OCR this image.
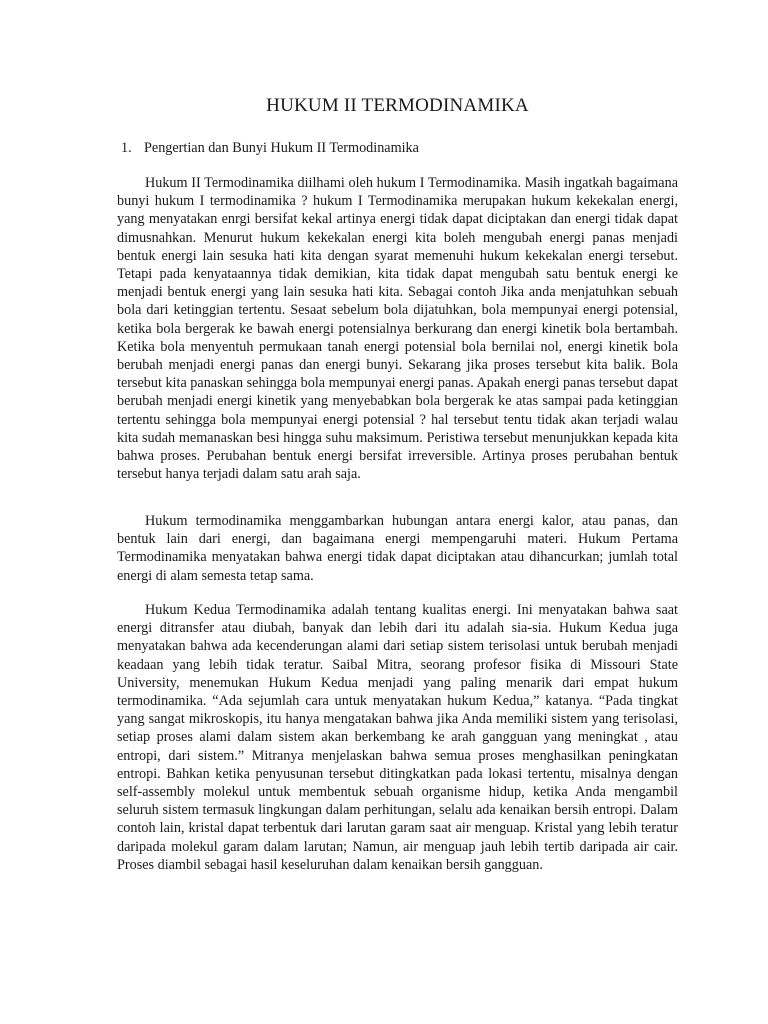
HUKUM II TERMODINAMIKA
1. Pengertian dan Bunyi Hukum II Termodinamika

Hukum II Termodinamika diilhami oleh hukum I Termodinamika. Masih ingatkah bagaimana bunyi hukum I termodinamika ? hukum I Termodinamika merupakan hukum kekekalan energi, yang menyatakan enrgi bersifat kekal artinya energi tidak dapat diciptakan dan energi tidak dapat dimusnahkan. Menurut hukum kekekalan energi kita boleh mengubah energi panas menjadi bentuk energi lain sesuka hati kita dengan syarat memenuhi hukum kekekalan energi tersebut. Tetapi pada kenyataannya tidak demikian, kita tidak dapat mengubah satu bentuk energi ke menjadi bentuk energi yang lain sesuka hati kita. Sebagai contoh Jika anda menjatuhkan sebuah bola dari ketinggian tertentu. Sesaat sebelum bola dijatuhkan, bola mempunyai energi potensial, ketika bola bergerak ke bawah energi potensialnya berkurang dan energi kinetik bola bertambah. Ketika bola menyentuh permukaan tanah energi potensial bola bernilai nol, energi kinetik bola berubah menjadi energi panas dan energi bunyi. Sekarang jika proses tersebut kita balik. Bola tersebut kita panaskan sehingga bola mempunyai energi panas. Apakah energi panas tersebut dapat berubah menjadi energi kinetik yang menyebabkan bola bergerak ke atas sampai pada ketinggian tertentu sehingga bola mempunyai energi potensial ? hal tersebut tentu tidak akan terjadi walau kita sudah memanaskan besi hingga suhu maksimum. Peristiwa tersebut menunjukkan kepada kita bahwa proses. Perubahan bentuk energi bersifat irreversible. Artinya proses perubahan bentuk tersebut hanya terjadi dalam satu arah saja.

Hukum termodinamika menggambarkan hubungan antara energi kalor, atau panas, dan bentuk lain dari energi, dan bagaimana energi mempengaruhi materi. Hukum Pertama Termodinamika menyatakan bahwa energi tidak dapat diciptakan atau dihancurkan; jumlah total energi di alam semesta tetap sama.

Hukum Kedua Termodinamika adalah tentang kualitas energi. Ini menyatakan bahwa saat energi ditransfer atau diubah, banyak dan lebih dari itu adalah sia-sia. Hukum Kedua juga menyatakan bahwa ada kecenderungan alami dari setiap sistem terisolasi untuk berubah menjadi keadaan yang lebih tidak teratur. Saibal Mitra, seorang profesor fisika di Missouri State University, menemukan Hukum Kedua menjadi yang paling menarik dari empat hukum termodinamika. “Ada sejumlah cara untuk menyatakan hukum Kedua,” katanya. “Pada tingkat yang sangat mikroskopis, itu hanya mengatakan bahwa jika Anda memiliki sistem yang terisolasi, setiap proses alami dalam sistem akan berkembang ke arah gangguan yang meningkat , atau entropi, dari sistem.” Mitranya menjelaskan bahwa semua proses menghasilkan peningkatan entropi. Bahkan ketika penyusunan tersebut ditingkatkan pada lokasi tertentu, misalnya dengan self-assembly molekul untuk membentuk sebuah organisme hidup, ketika Anda mengambil seluruh sistem termasuk lingkungan dalam perhitungan, selalu ada kenaikan bersih entropi. Dalam contoh lain, kristal dapat terbentuk dari larutan garam saat air menguap. Kristal yang lebih teratur daripada molekul garam dalam larutan; Namun, air menguap jauh lebih tertib daripada air cair. Proses diambil sebagai hasil keseluruhan dalam kenaikan bersih gangguan.
